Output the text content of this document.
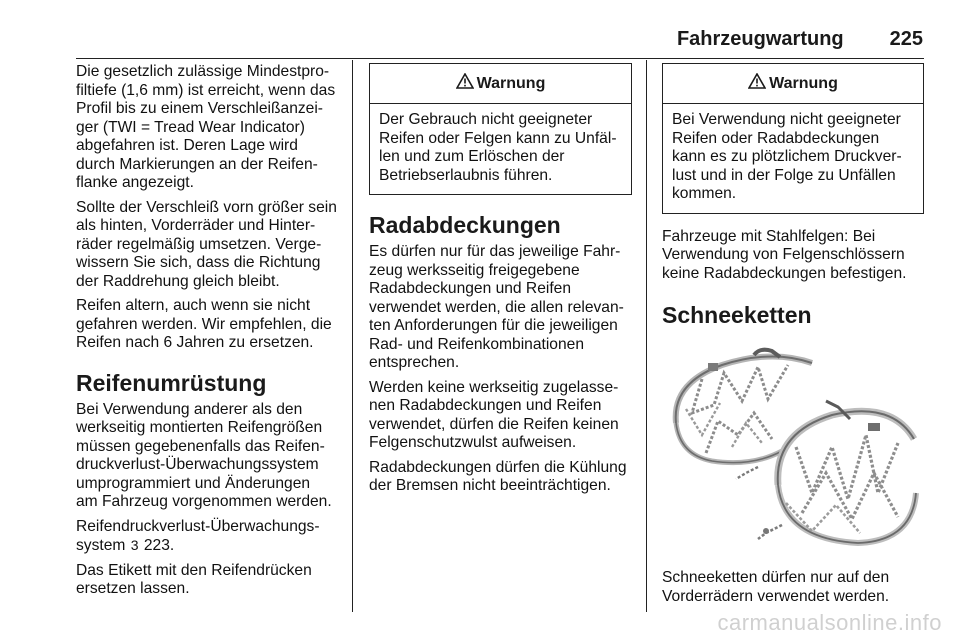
Fahrzeugwartung 225

Die gesetzlich zulässige Mindestpro-
filtiefe (1,6 mm) ist erreicht, wenn das
Profil bis zu einem Verschleißanzei-
ger (TWI = Tread Wear Indicator)
abgefahren ist. Deren Lage wird
durch Markierungen an der Reifen-
flanke angezeigt.

Sollte der Verschleiß vorn größer sein
als hinten, Vorderräder und Hinter-
räder regelmäßig umsetzen. Verge-
wissern Sie sich, dass die Richtung
der Raddrehung gleich bleibt.

Reifen altern, auch wenn sie nicht
gefahren werden. Wir empfehlen, die
Reifen nach 6 Jahren zu ersetzen.

Reifenumrüstung

Bei Verwendung anderer als den
werkseitig montierten Reifengrößen
müssen gegebenenfalls das Reifen-
druckverlust-Überwachungssystem
umprogrammiert und Änderungen
am Fahrzeug vorgenommen werden.

Reifendruckverlust-Überwachungs-
system 3 223.

Das Etikett mit den Reifendrücken
ersetzen lassen.

Warnung

Der Gebrauch nicht geeigneter
Reifen oder Felgen kann zu Unfäl-
len und zum Erlöschen der
Betriebserlaubnis führen.

Radabdeckungen

Es dürfen nur für das jeweilige Fahr-
zeug werksseitig freigegebene
Radabdeckungen und Reifen
verwendet werden, die allen relevan-
ten Anforderungen für die jeweiligen
Rad- und Reifenkombinationen
entsprechen.

Werden keine werkseitig zugelasse-
nen Radabdeckungen und Reifen
verwendet, dürfen die Reifen keinen
Felgenschutzwulst aufweisen.

Radabdeckungen dürfen die Kühlung
der Bremsen nicht beeinträchtigen.

Warnung

Bei Verwendung nicht geeigneter
Reifen oder Radabdeckungen
kann es zu plötzlichem Druckver-
lust und in der Folge zu Unfällen
kommen.

Fahrzeuge mit Stahlfelgen: Bei
Verwendung von Felgenschlössern
keine Radabdeckungen befestigen.

Schneeketten

Schneeketten dürfen nur auf den
Vorderrädern verwendet werden.

carmanualsonline.info
